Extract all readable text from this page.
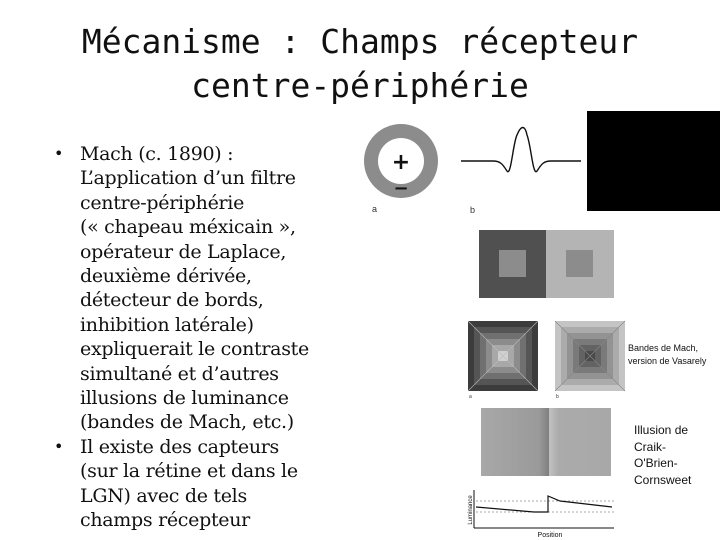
Mécanisme : Champs récepteur
centre-périphérie
• Mach (c. 1890) :
L’application d’un filtre
centre-périphérie
(« chapeau méxicain »,
opérateur de Laplace,
deuxième dérivée,
détecteur de bords,
inhibition latérale)
expliquerait le contraste
simultané et d’autres
illusions de luminance
(bandes de Mach, etc.)
• Il existe des capteurs
(sur la rétine et dans le
LGN) avec de tels
champs récepteur
+
−
a	b
a	b
Bandes de Mach,
version de Vasarely
Luminance
Position
Illusion de
Craik-
O'Brien-
Cornsweet
